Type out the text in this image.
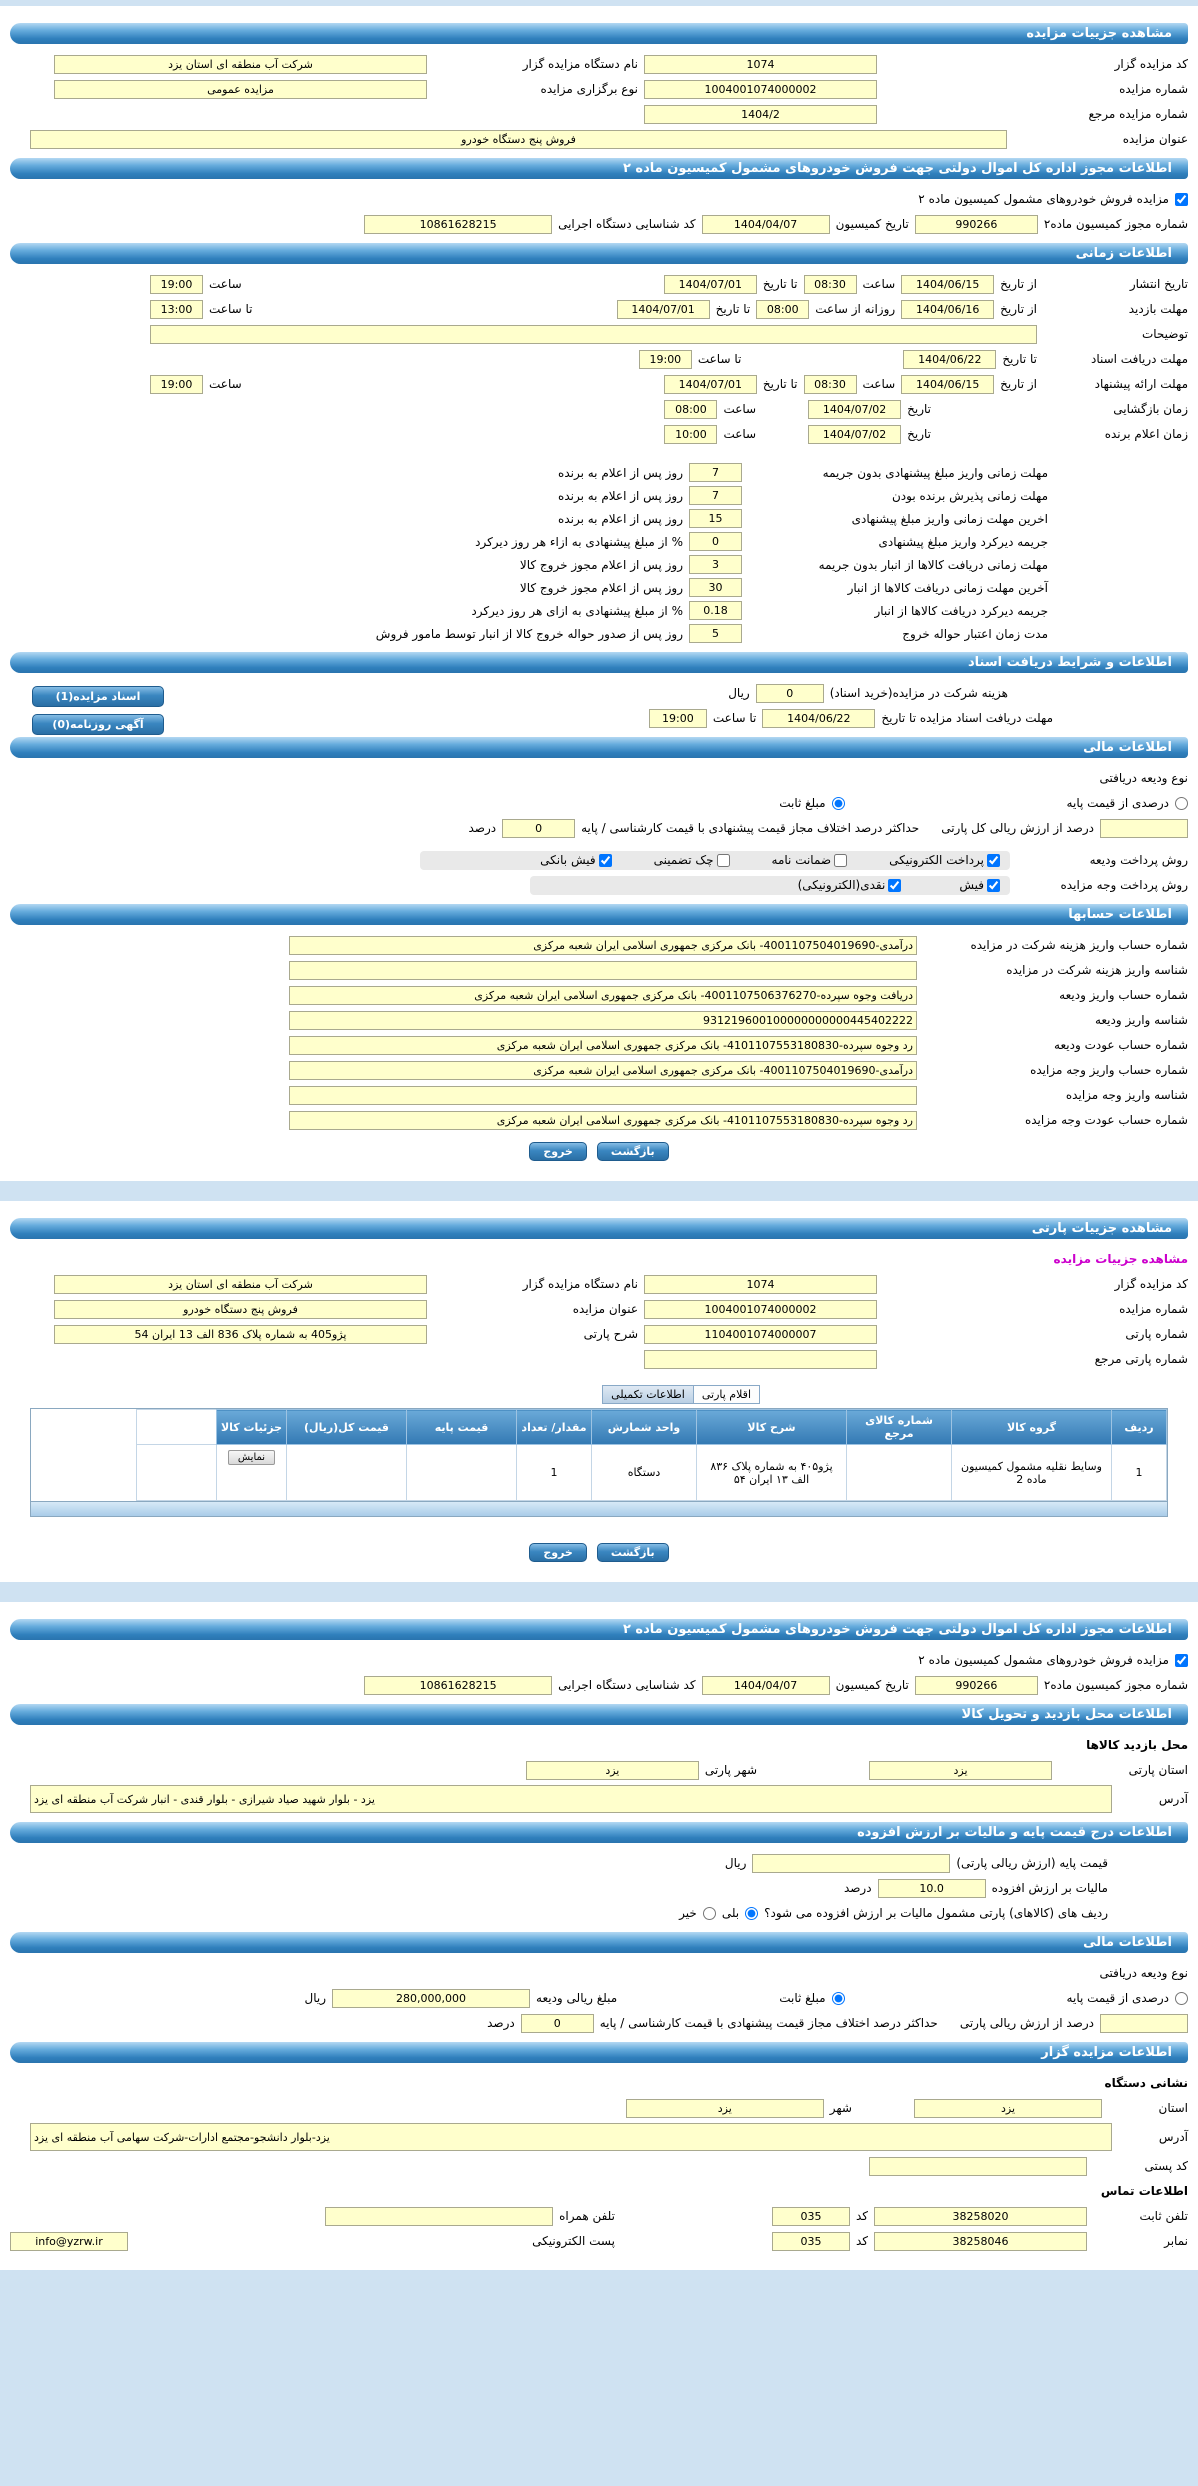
مشاهده جزییات مزایده
کد مزایده گزار
1074
نام دستگاه مزایده گزار
شرکت آب منطقه ای استان یزد
شماره مزایده
1004001074000002
نوع برگزاری مزایده
مزایده عمومی
شماره مزایده مرجع
1404/2
عنوان مزایده
فروش پنج دستگاه خودرو
اطلاعات مجوز اداره کل اموال دولتی جهت فروش خودروهای مشمول کمیسیون ماده ۲
مزایده فروش خودروهای مشمول کمیسیون ماده ۲
شماره مجوز کمیسیون ماده۲
990266
تاریخ کمیسیون
1404/04/07
کد شناسایی دستگاه اجرایی
10861628215
اطلاعات زمانی
تاریخ انتشار
از تاریخ
1404/06/15
ساعت
08:30
تا تاریخ
1404/07/01
ساعت
19:00
مهلت بازدید
از تاریخ
1404/06/16
روزانه از ساعت
08:00
تا تاریخ
1404/07/01
تا ساعت
13:00
توضیحات
مهلت دریافت اسناد
تا تاریخ
1404/06/22
تا ساعت
19:00
مهلت ارائه پیشنهاد
از تاریخ
1404/06/15
ساعت
08:30
تا تاریخ
1404/07/01
ساعت
19:00
زمان بازگشایی
تاریخ
1404/07/02
ساعت
08:00
زمان اعلام برنده
تاریخ
1404/07/02
ساعت
10:00
مهلت زمانی واریز مبلغ پیشنهادی بدون جریمه
7
روز پس از اعلام به برنده
مهلت زمانی پذیرش برنده بودن
7
روز پس از اعلام به برنده
اخرین مهلت زمانی واریز مبلغ پیشنهادی
15
روز پس از اعلام به برنده
جریمه دیرکرد واریز مبلغ پیشنهادی
0
% از مبلغ پیشنهادی به ازاء هر روز دیرکرد
مهلت زمانی دریافت کالاها از انبار بدون جریمه
3
روز پس از اعلام مجوز خروج کالا
آخرین مهلت زمانی دریافت کالاها از انبار
30
روز پس از اعلام مجوز خروج کالا
جریمه دیرکرد دریافت کالاها از انبار
0.18
% از مبلغ پیشنهادی به ازای هر روز دیرکرد
مدت زمان اعتبار حواله خروج
5
روز پس از صدور حواله خروج کالا از انبار توسط مامور فروش
اطلاعات و شرایط دریافت اسناد
اسناد مزایده(1)
آگهی روزنامه(0)
هزینه شرکت در مزایده(خرید اسناد)
0
ریال
مهلت دریافت اسناد مزایده تا تاریخ
1404/06/22
تا ساعت
19:00
اطلاعات مالی
نوع ودیعه دریافتی
درصدی از قیمت پایه
مبلغ ثابت
درصد از ارزش ریالی کل پارتی
حداکثر درصد اختلاف مجاز قیمت پیشنهادی با قیمت کارشناسی / پایه
0
درصد
روش پرداخت ودیعه
پرداخت الکترونیکی
ضمانت نامه
چک تضمینی
فیش بانکی
روش پرداخت وجه مزایده
فیش
نقدی(الکترونیکی)
اطلاعات حسابها
شماره حساب واریز هزینه شرکت در مزایده
درآمدی-4001107504019690- بانک مرکزی جمهوری اسلامی ایران شعبه مرکزی
شناسه واریز هزینه شرکت در مزایده
شماره حساب واریز ودیعه
دریافت وجوه سپرده-4001107506376270- بانک مرکزی جمهوری اسلامی ایران شعبه مرکزی
شناسه واریز ودیعه
931219600100000000000445402222
شماره حساب عودت ودیعه
رد وجوه سپرده-4101107553180830- بانک مرکزی جمهوری اسلامی ایران شعبه مرکزی
شماره حساب واریز وجه مزایده
درآمدی-4001107504019690- بانک مرکزی جمهوری اسلامی ایران شعبه مرکزی
شناسه واریز وجه مزایده
شماره حساب عودت وجه مزایده
رد وجوه سپرده-4101107553180830- بانک مرکزی جمهوری اسلامی ایران شعبه مرکزی
بازگشت
خروج
مشاهده جزییات پارتی
مشاهده جزییات مزایده
کد مزایده گزار
1074
نام دستگاه مزایده گزار
شرکت آب منطقه ای استان یزد
شماره مزایده
1004001074000002
عنوان مزایده
فروش پنج دستگاه خودرو
شماره پارتی
1104001074000007
شرح پارتی
پژو405 به شماره پلاک 836 الف 13 ایران 54
شماره پارتی مرجع
اقلام پارتی
اطلاعات تکمیلی
ردیف	گروه کالا	شماره کالای مرجع	شرح کالا	واحد شمارش	مقدار/ تعداد	قیمت پایه	قیمت کل(ریال)	جزئیات کالا	
1	وسایط نقلیه مشمول کمیسیون ماده 2		پژو۴۰۵ به شماره پلاک ۸۳۶ الف ۱۳ ایران ۵۴	دستگاه	1			نمایش	
بازگشت
خروج
اطلاعات مجوز اداره کل اموال دولتی جهت فروش خودروهای مشمول کمیسیون ماده ۲
مزایده فروش خودروهای مشمول کمیسیون ماده ۲
شماره مجوز کمیسیون ماده۲
990266
تاریخ کمیسیون
1404/04/07
کد شناسایی دستگاه اجرایی
10861628215
اطلاعات محل بازدید و تحویل کالا
محل بازدید کالاها
استان پارتی
یزد
شهر پارتی
یزد
آدرس
یزد - بلوار شهید صیاد شیرازی - بلوار قندی - انبار شرکت آب منطقه ای یزد
اطلاعات درج قیمت پایه و مالیات بر ارزش افزوده
قیمت پایه (ارزش ریالی پارتی)
ریال
مالیات بر ارزش افزوده
10.0
درصد
ردیف های (کالاهای) پارتی مشمول مالیات بر ارزش افزوده می شود؟
بلی
خیر
اطلاعات مالی
نوع ودیعه دریافتی
درصدی از قیمت پایه
مبلغ ثابت
مبلغ ریالی ودیعه
280,000,000
ریال
درصد از ارزش ریالی پارتی
حداکثر درصد اختلاف مجاز قیمت پیشنهادی با قیمت کارشناسی / پایه
0
درصد
اطلاعات مزایده گزار
نشانی دستگاه
استان
یزد
شهر
یزد
آدرس
یزد-بلوار دانشجو-مجتمع ادارات-شرکت سهامی آب منطقه ای یزد
کد پستی
اطلاعات تماس
تلفن ثابت
38258020
کد
035
تلفن همراه
نمابر
38258046
کد
035
پست الکترونیکی
info@yzrw.ir
